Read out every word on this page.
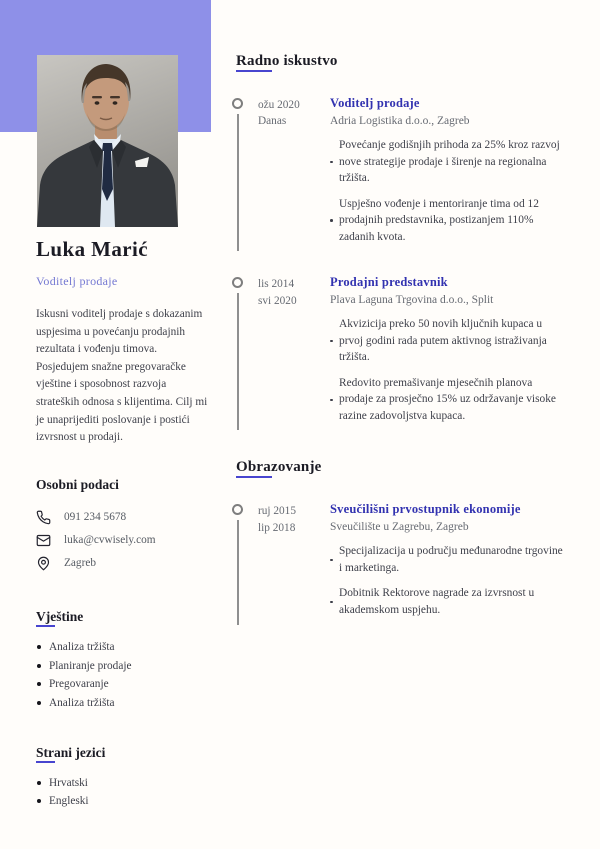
Luka Marić
Voditelj prodaje

Iskusni voditelj prodaje s dokazanim uspjesima u povećanju prodajnih rezultata i vođenju timova. Posjedujem snažne pregovaračke vještine i sposobnost razvoja strateških odnosa s klijentima. Cilj mi je unaprijediti poslovanje i postići izvrsnost u prodaji.

Osobni podaci
091 234 5678
luka@cvwisely.com
Zagreb
Vještine
Analiza tržišta
Planiranje prodaje
Pregovaranje
Analiza tržišta
Strani jezici
Hrvatski
Engleski
Radno iskustvo
ožu 2020
Danas
Voditelj prodaje
Adria Logistika d.o.o., Zagreb
Povećanje godišnjih prihoda za 25% kroz razvoj nove strategije prodaje i širenje na regionalna tržišta.
Uspješno vođenje i mentoriranje tima od 12 prodajnih predstavnika, postizanjem 110% zadanih kvota.
lis 2014
svi 2020
Prodajni predstavnik
Plava Laguna Trgovina d.o.o., Split
Akvizicija preko 50 novih ključnih kupaca u prvoj godini rada putem aktivnog istraživanja tržišta.
Redovito premašivanje mjesečnih planova prodaje za prosječno 15% uz održavanje visoke razine zadovoljstva kupaca.
Obrazovanje
ruj 2015
lip 2018
Sveučilišni prvostupnik ekonomije
Sveučilište u Zagrebu, Zagreb
Specijalizacija u području međunarodne trgovine i marketinga.
Dobitnik Rektorove nagrade za izvrsnost u akademskom uspjehu.
